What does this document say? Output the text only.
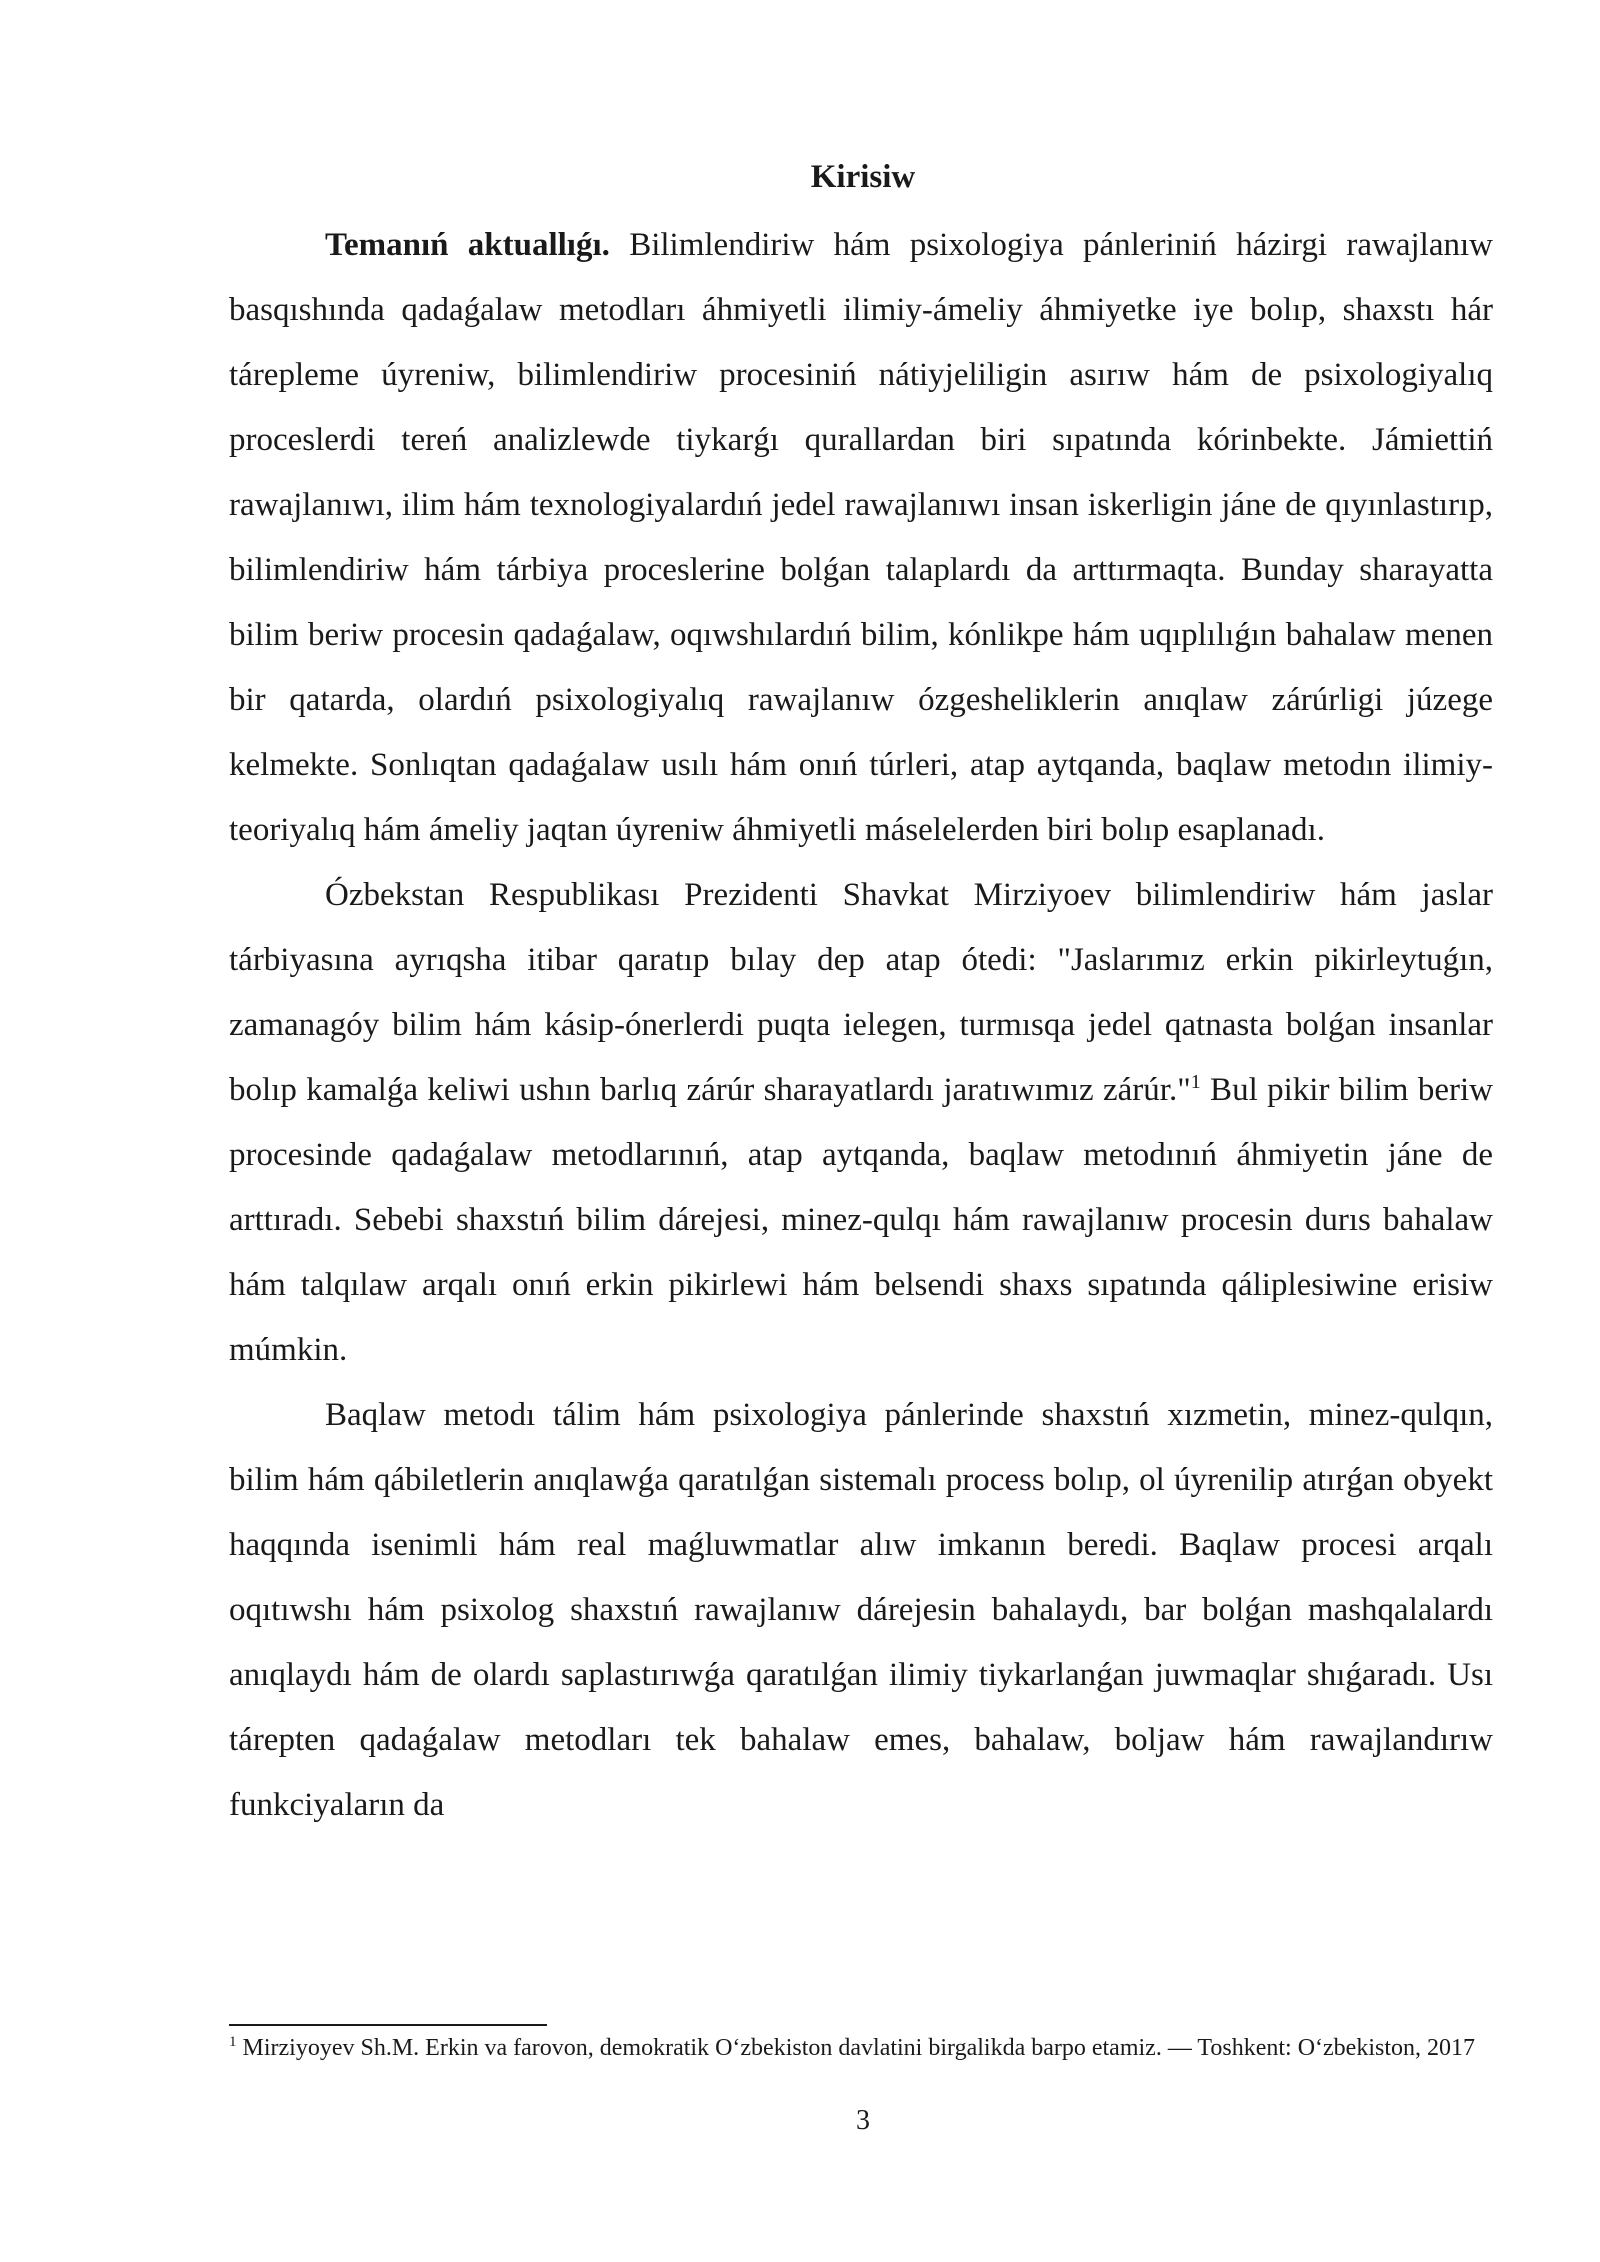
Kirisiw

Temanıń aktuallıǵı. Bilimlendiriw hám psixologiya pánleriniń házirgi rawajlanıw basqıshında qadaǵalaw metodları áhmiyetli ilimiy-ámeliy áhmiyetke iye bolıp, shaxstı hár tárepleme úyreniw, bilimlendiriw procesiniń nátiyjeliligin asırıw hám de psixologiyalıq proceslerdi tereń analizlewde tiykarǵı qurallardan biri sıpatında kórinbekte. Jámiettiń rawajlanıwı, ilim hám texnologiyalardıń jedel rawajlanıwı insan iskerligin jáne de qıyınlastırıp, bilimlendiriw hám tárbiya proceslerine bolǵan talaplardı da arttırmaqta. Bunday sharayatta bilim beriw procesin qadaǵalaw, oqıwshılardıń bilim, kónlikpe hám uqıplılıǵın bahalaw menen bir qatarda, olardıń psixologiyalıq rawajlanıw ózgesheliklerin anıqlaw zárúrligi júzege kelmekte. Sonlıqtan qadaǵalaw usılı hám onıń túrleri, atap aytqanda, baqlaw metodın ilimiy-teoriyalıq hám ámeliy jaqtan úyreniw áhmiyetli máselelerden biri bolıp esaplanadı.

Ózbekstan Respublikası Prezidenti Shavkat Mirziyoev bilimlendiriw hám jaslar tárbiyasına ayrıqsha itibar qaratıp bılay dep atap ótedi: "Jaslarımız erkin pikirleytuǵın, zamanagóy bilim hám kásip-ónerlerdi puqta ielegen, turmısqa jedel qatnasta bolǵan insanlar bolıp kamalǵa keliwi ushın barlıq zárúr sharayatlardı jaratıwımız zárúr."$^1$ Bul pikir bilim beriw procesinde qadaǵalaw metodlarınıń, atap aytqanda, baqlaw metodınıń áhmiyetin jáne de arttıradı. Sebebi shaxstıń bilim dárejesi, minez-qulqı hám rawajlanıw procesin durıs bahalaw hám talqılaw arqalı onıń erkin pikirlewi hám belsendi shaxs sıpatında qáliplesiwine erisiw múmkin.

Baqlaw metodı tálim hám psixologiya pánlerinde shaxstıń xızmetin, minez-qulqın, bilim hám qábiletlerin anıqlawǵa qaratılǵan sistemalı process bolıp, ol úyrenilip atırǵan obyekt haqqında isenimli hám real maǵluwmatlar alıw imkanın beredi. Baqlaw procesi arqalı oqıtıwshı hám psixolog shaxstıń rawajlanıw dárejesin bahalaydı, bar bolǵan mashqalalardı anıqlaydı hám de olardı saplastırıwǵa qaratılǵan ilimiy tiykarlanǵan juwmaqlar shıǵaradı. Usı tárepten qadaǵalaw metodları tek bahalaw emes, bahalaw, boljaw hám rawajlandırıw funkciyaların da

$^1$ Mirziyoyev Sh.M. Erkin va farovon, demokratik O‘zbekiston davlatini birgalikda barpo etamiz. — Toshkent: O‘zbekiston, 2017
3
